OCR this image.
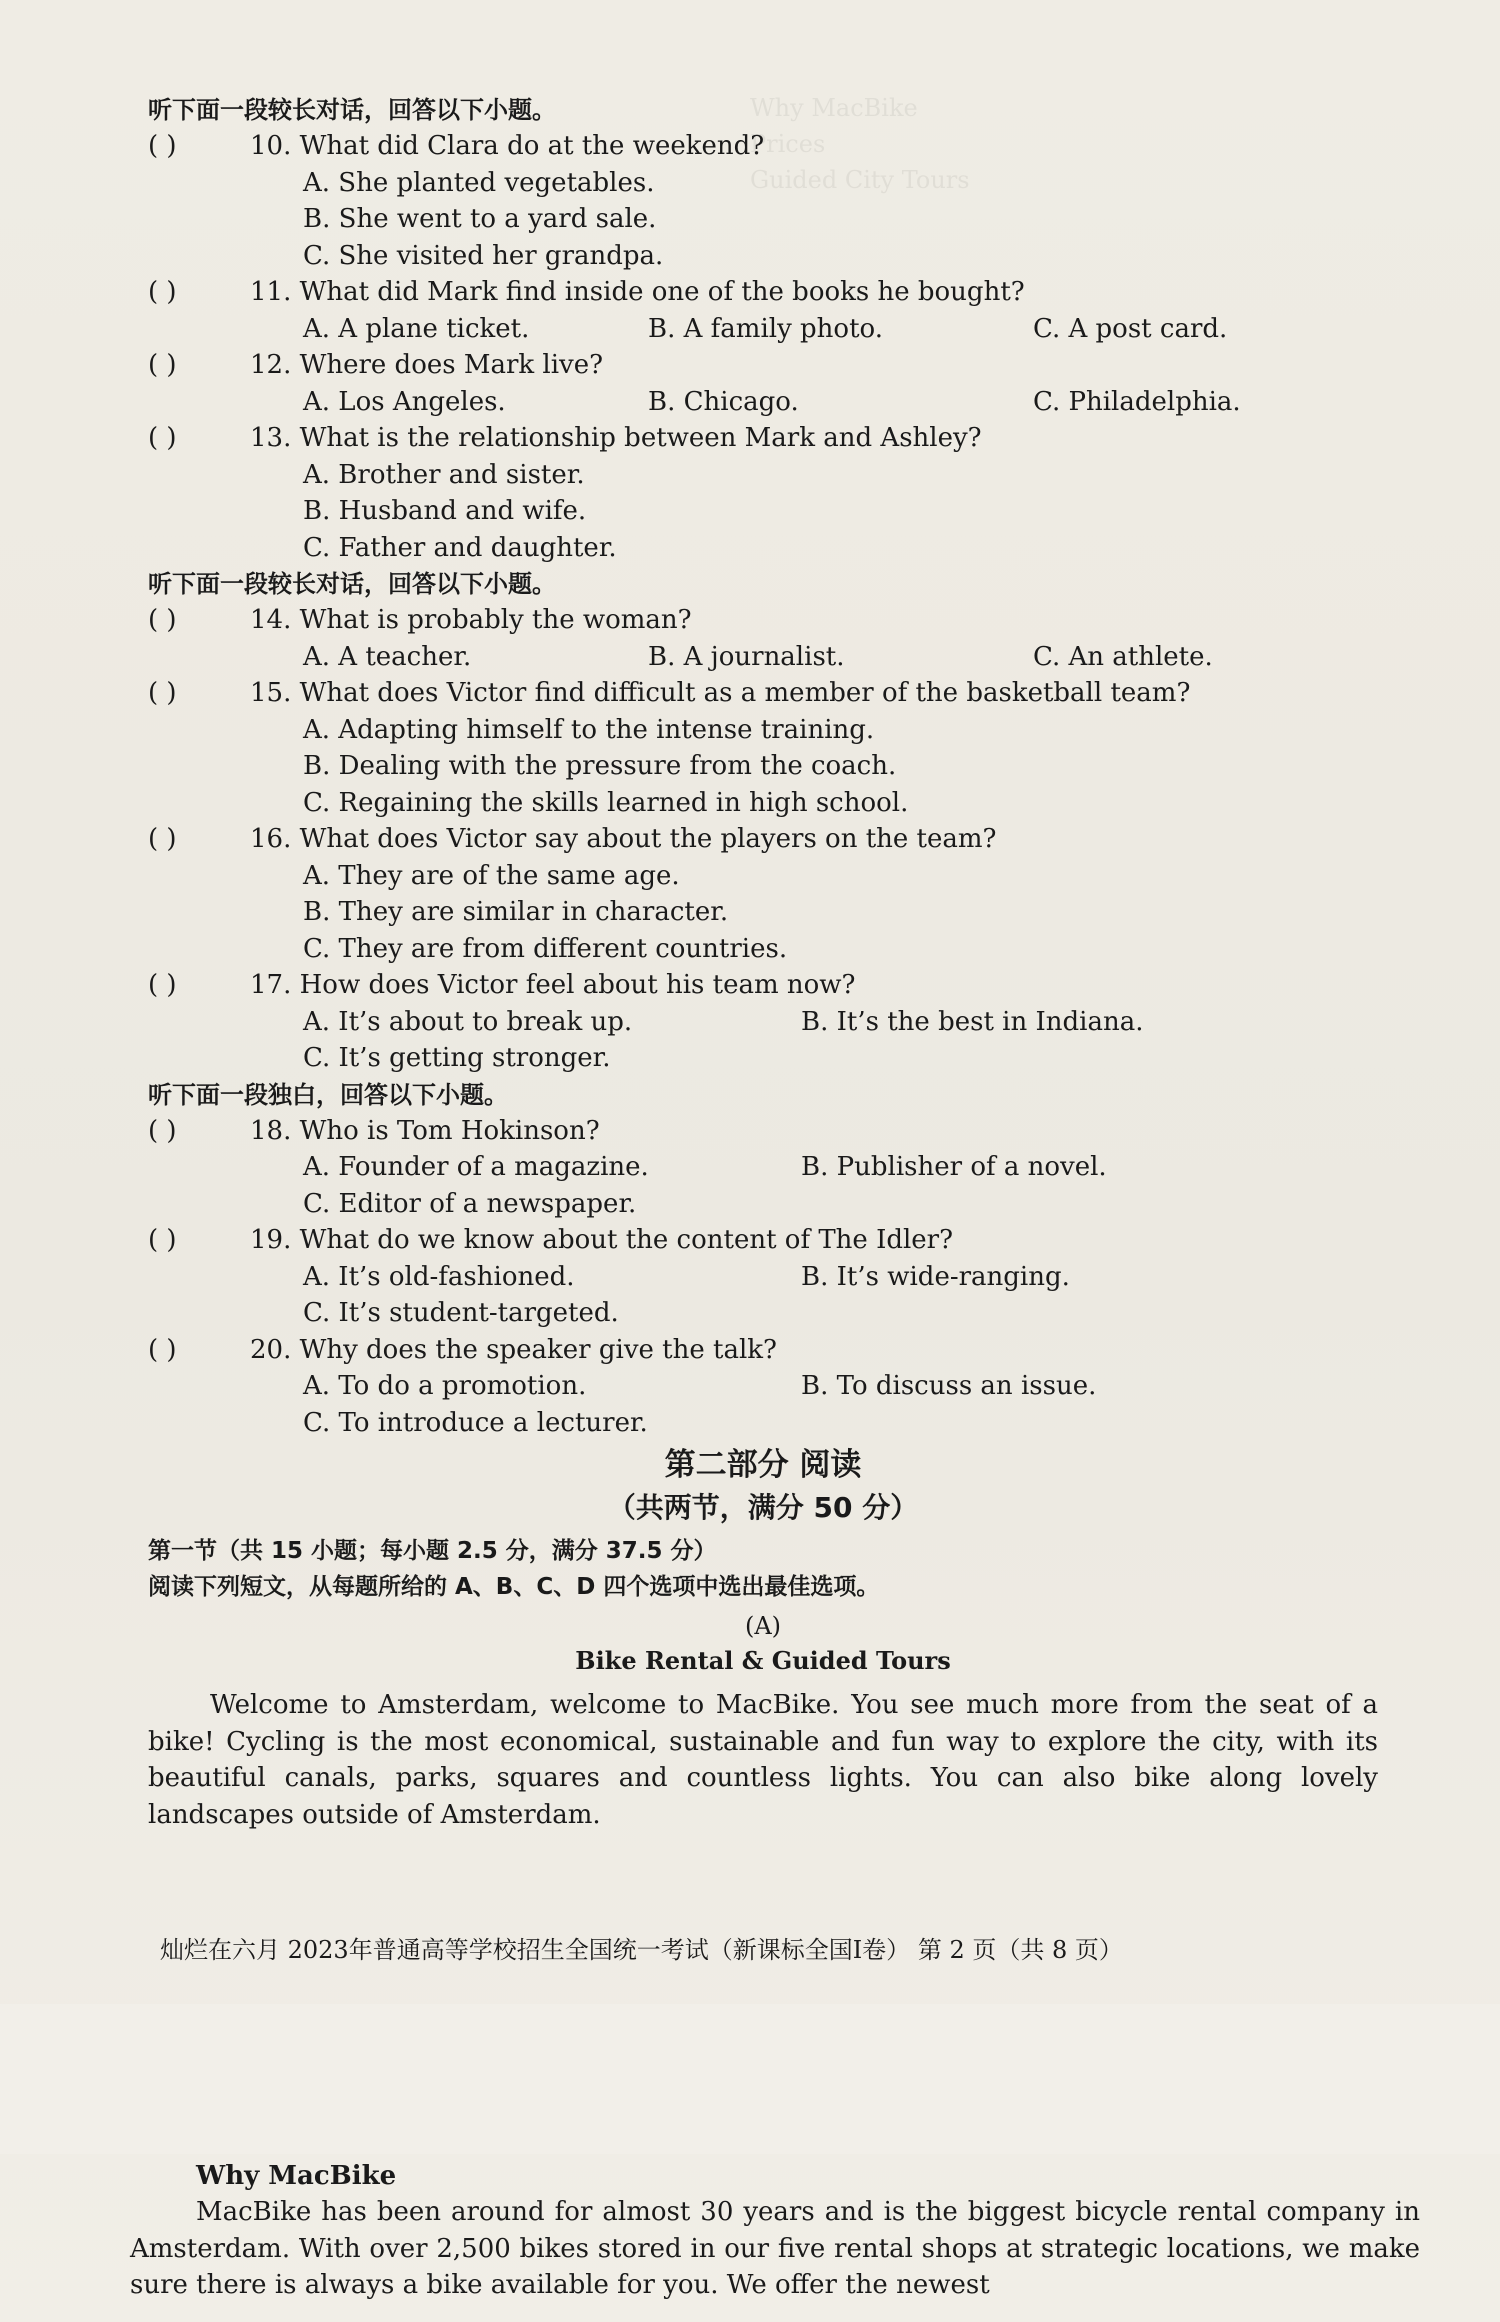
Why MacBike
Prices
Guided City Tours
听下面一段较长对话，回答以下小题。
( )	10. What did Clara do at the weekend?
A. She planted vegetables.
B. She went to a yard sale.
C. She visited her grandpa.
( )	11. What did Mark find inside one of the books he bought?
A. A plane ticket.	B. A family photo.	C. A post card.
( )	12. Where does Mark live?
A. Los Angeles.	B. Chicago.	C. Philadelphia.
( )	13. What is the relationship between Mark and Ashley?
A. Brother and sister.
B. Husband and wife.
C. Father and daughter.
听下面一段较长对话，回答以下小题。
( )	14. What is probably the woman?
A. A teacher.	B. A journalist.	C. An athlete.
( )	15. What does Victor find difficult as a member of the basketball team?
A. Adapting himself to the intense training.
B. Dealing with the pressure from the coach.
C. Regaining the skills learned in high school.
( )	16. What does Victor say about the players on the team?
A. They are of the same age.
B. They are similar in character.
C. They are from different countries.
( )	17. How does Victor feel about his team now?
A. It’s about to break up.	B. It’s the best in Indiana.
C. It’s getting stronger.
听下面一段独白，回答以下小题。
( )	18. Who is Tom Hokinson?
A. Founder of a magazine.	B. Publisher of a novel.
C. Editor of a newspaper.
( )	19. What do we know about the content of The Idler?
A. It’s old-fashioned.	B. It’s wide-ranging.
C. It’s student-targeted.
( )	20. Why does the speaker give the talk?
A. To do a promotion.	B. To discuss an issue.
C. To introduce a lecturer.
第二部分 阅读
（共两节，满分 50 分）
第一节（共 15 小题；每小题 2.5 分，满分 37.5 分）
阅读下列短文，从每题所给的 A、B、C、D 四个选项中选出最佳选项。
(A)
Bike Rental & Guided Tours
Welcome to Amsterdam, welcome to MacBike. You see much more from the seat of a bike! Cycling is the most economical, sustainable and fun way to explore the city, with its beautiful canals, parks, squares and countless lights. You can also bike along lovely landscapes outside of Amsterdam.
灿烂在六月 2023年普通高等学校招生全国统一考试（新课标全国Ⅰ卷） 第 2 页（共 8 页）
Why MacBike
MacBike has been around for almost 30 years and is the biggest bicycle rental company in Amsterdam. With over 2,500 bikes stored in our five rental shops at strategic locations, we make sure there is always a bike available for you. We offer the newest
